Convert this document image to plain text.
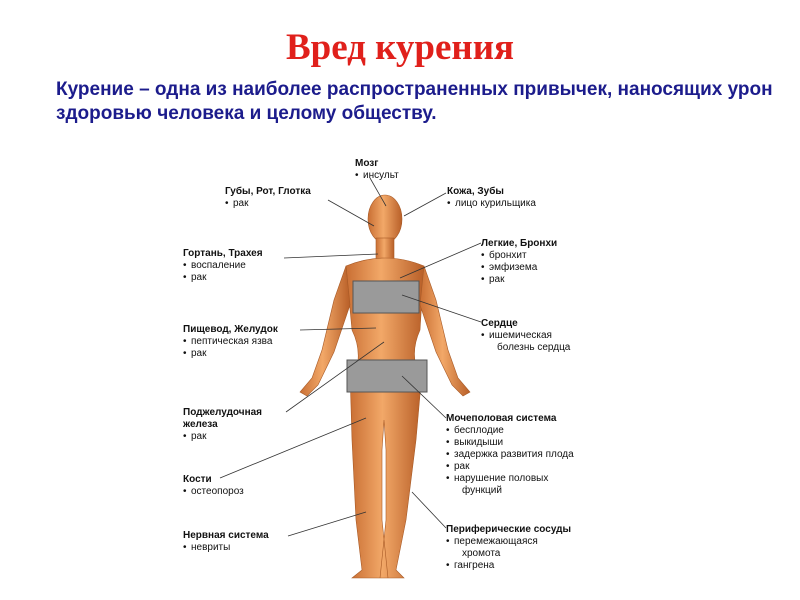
Вред курения
Курение – одна из наиболее распространенных привычек, наносящих урон здоровью человека и целому обществу.
Мозг
• инсульт
Губы, Рот, Глотка
• рак
Кожа, Зубы
• лицо курильщика
Гортань, Трахея
• воспаление
• рак
Легкие, Бронхи
• бронхит
• эмфизема
• рак
Сердце
• ишемическая
болезнь сердца
Пищевод, Желудок
• пептическая язва
• рак
Поджелудочная железа
• рак
Мочеполовая система
• бесплодие
• выкидыши
• задержка развития плода
• рак
• нарушение половых
функций
Кости
• остеопороз
Нервная система
• невриты
Периферические сосуды
• перемежающаяся
хромота
• гангрена
